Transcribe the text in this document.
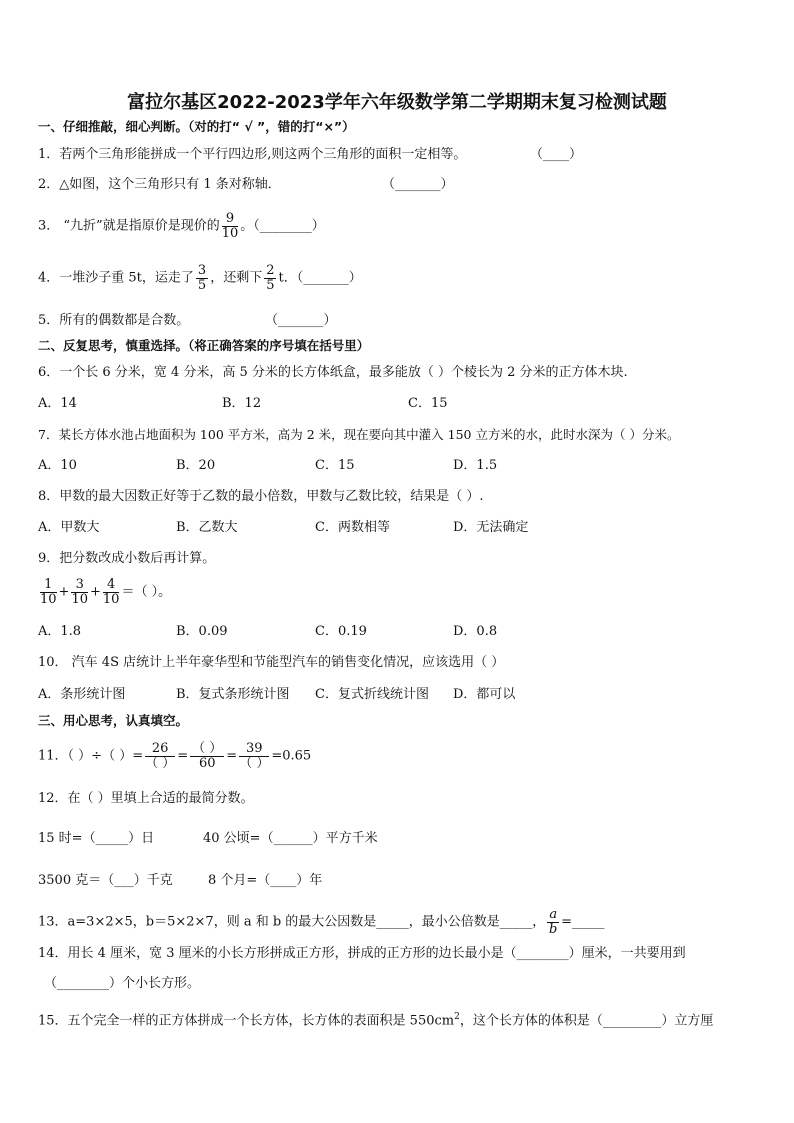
富拉尔基区2022-2023学年六年级数学第二学期期末复习检测试题
一、仔细推敲，细心判断。（对的打“ √ ”，错的打“×”）
1．若两个三角形能拼成一个平行四边形,则这两个三角形的面积一定相等。	（____）
2．△如图，这个三角形只有 1 条对称轴．	（_______）
3． “九折”就是指原价是现价的 $\frac{9}{10}$ 。（________）
4．一堆沙子重 5t，运走了 $\frac{3}{5}$ ，还剩下 $\frac{2}{5}$ t．（_______）
5．所有的偶数都是合数。	（_______）
二、反复思考，慎重选择。（将正确答案的序号填在括号里）
6．一个长 6 分米，宽 4 分米，高 5 分米的长方体纸盒，最多能放（ ）个棱长为 2 分米的正方体木块.
A．14	B．12	C．15
7．某长方体水池占地面积为 100 平方米，高为 2 米，现在要向其中灌入 150 立方米的水，此时水深为（ ）分米。
A．10	B．20	C．15	D．1.5
8．甲数的最大因数正好等于乙数的最小倍数，甲数与乙数比较，结果是（ ）.
A．甲数大	B．乙数大	C．两数相等	D．无法确定
9．把分数改成小数后再计算。
$\frac{1}{10} + \frac{3}{10} + \frac{4}{10}$ ＝（ ）。
A．1.8	B．0.09	C．0.19	D．0.8
10． 汽车 4S 店统计上半年豪华型和节能型汽车的销售变化情况，应该选用（ ）
A．条形统计图	B．复式条形统计图 C．复式折线统计图 D．都可以
三、用心思考，认真填空。
11．（ ）÷（ ）= $\frac{26}{( )} = \frac{( )}{60} = \frac{39}{( )} =0.65$
12．在（ ）里填上合适的最简分数。
15 时=（_____）日	40 公顷=（______）平方千米
3500 克＝（___）千克	8 个月=（____）年
13．a=3×2×5，b＝5×2×7，则 a 和 b 的最大公因数是_____，最小公倍数是_____， $\frac{a}{b}$ =_____
14．用长 4 厘米，宽 3 厘米的小长方形拼成正方形，拼成的正方形的边长最小是（________）厘米，一共要用到
（________）个小长方形。
15．五个完全一样的正方体拼成一个长方体，长方体的表面积是 $550cm^2$，这个长方体的体积是（_________）立方厘
